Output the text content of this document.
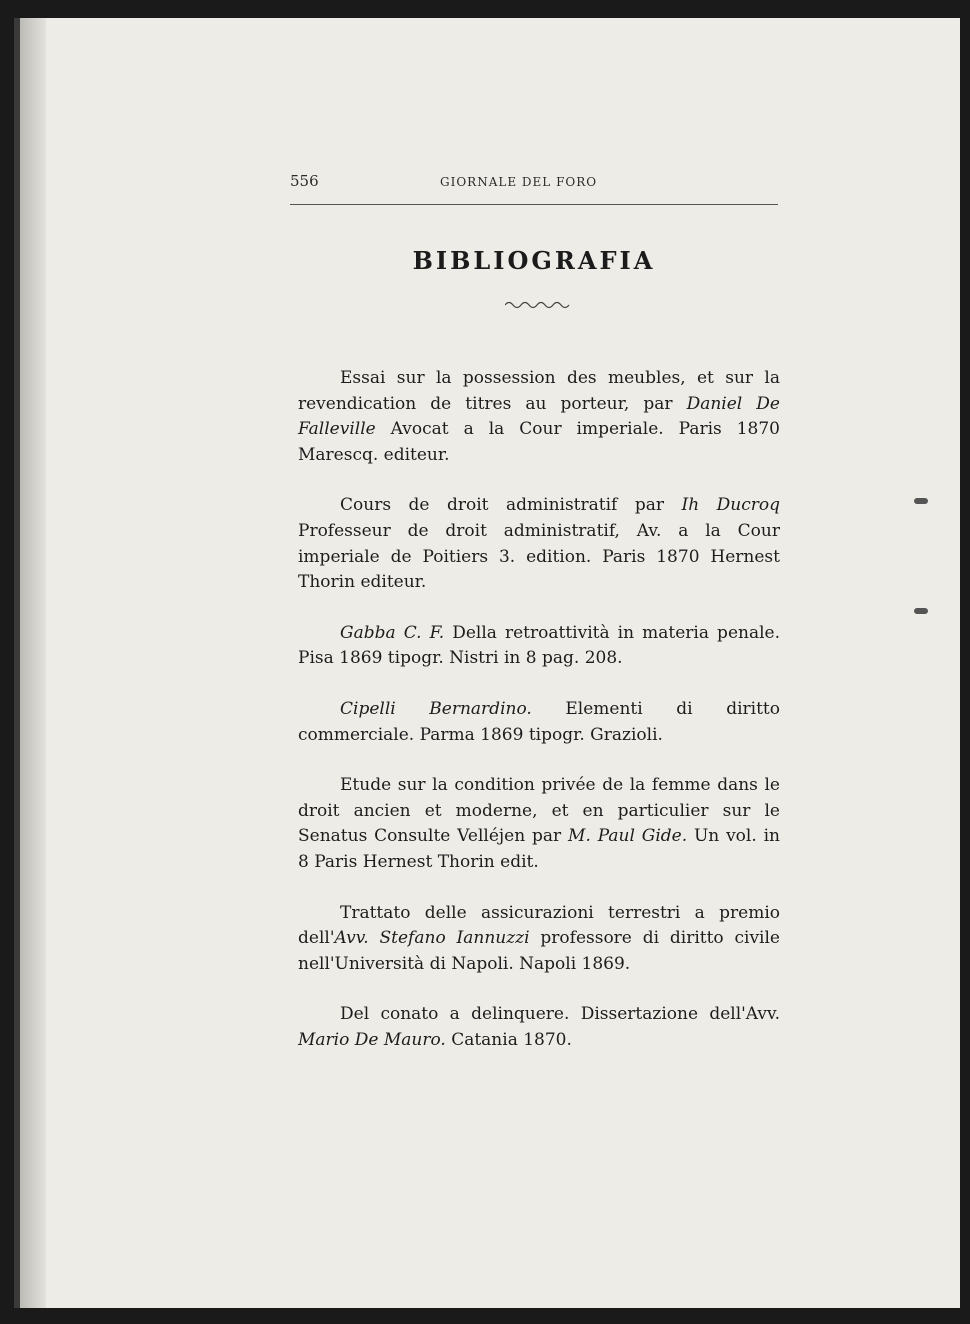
556	GIORNALE DEL FORO
BIBLIOGRAFIA

Essai sur la possession des meubles, et sur la revendication de titres au porteur, par Daniel De Falleville Avocat a la Cour imperiale. Paris 1870 Marescq. editeur.

Cours de droit administratif par Ih Ducroq Professeur de droit administratif, Av. a la Cour imperiale de Poitiers 3. edition. Paris 1870 Hernest Thorin editeur.

Gabba C. F. Della retroattività in materia penale. Pisa 1869 tipogr. Nistri in 8 pag. 208.

Cipelli Bernardino. Elementi di diritto commerciale. Parma 1869 tipogr. Grazioli.

Etude sur la condition privée de la femme dans le droit ancien et moderne, et en particulier sur le Senatus Consulte Velléjen par M. Paul Gide. Un vol. in 8 Paris Hernest Thorin edit.

Trattato delle assicurazioni terrestri a premio dell'Avv. Stefano Iannuzzi professore di diritto civile nell'Università di Napoli. Napoli 1869.

Del conato a delinquere. Dissertazione dell'Avv. Mario De Mauro. Catania 1870.
